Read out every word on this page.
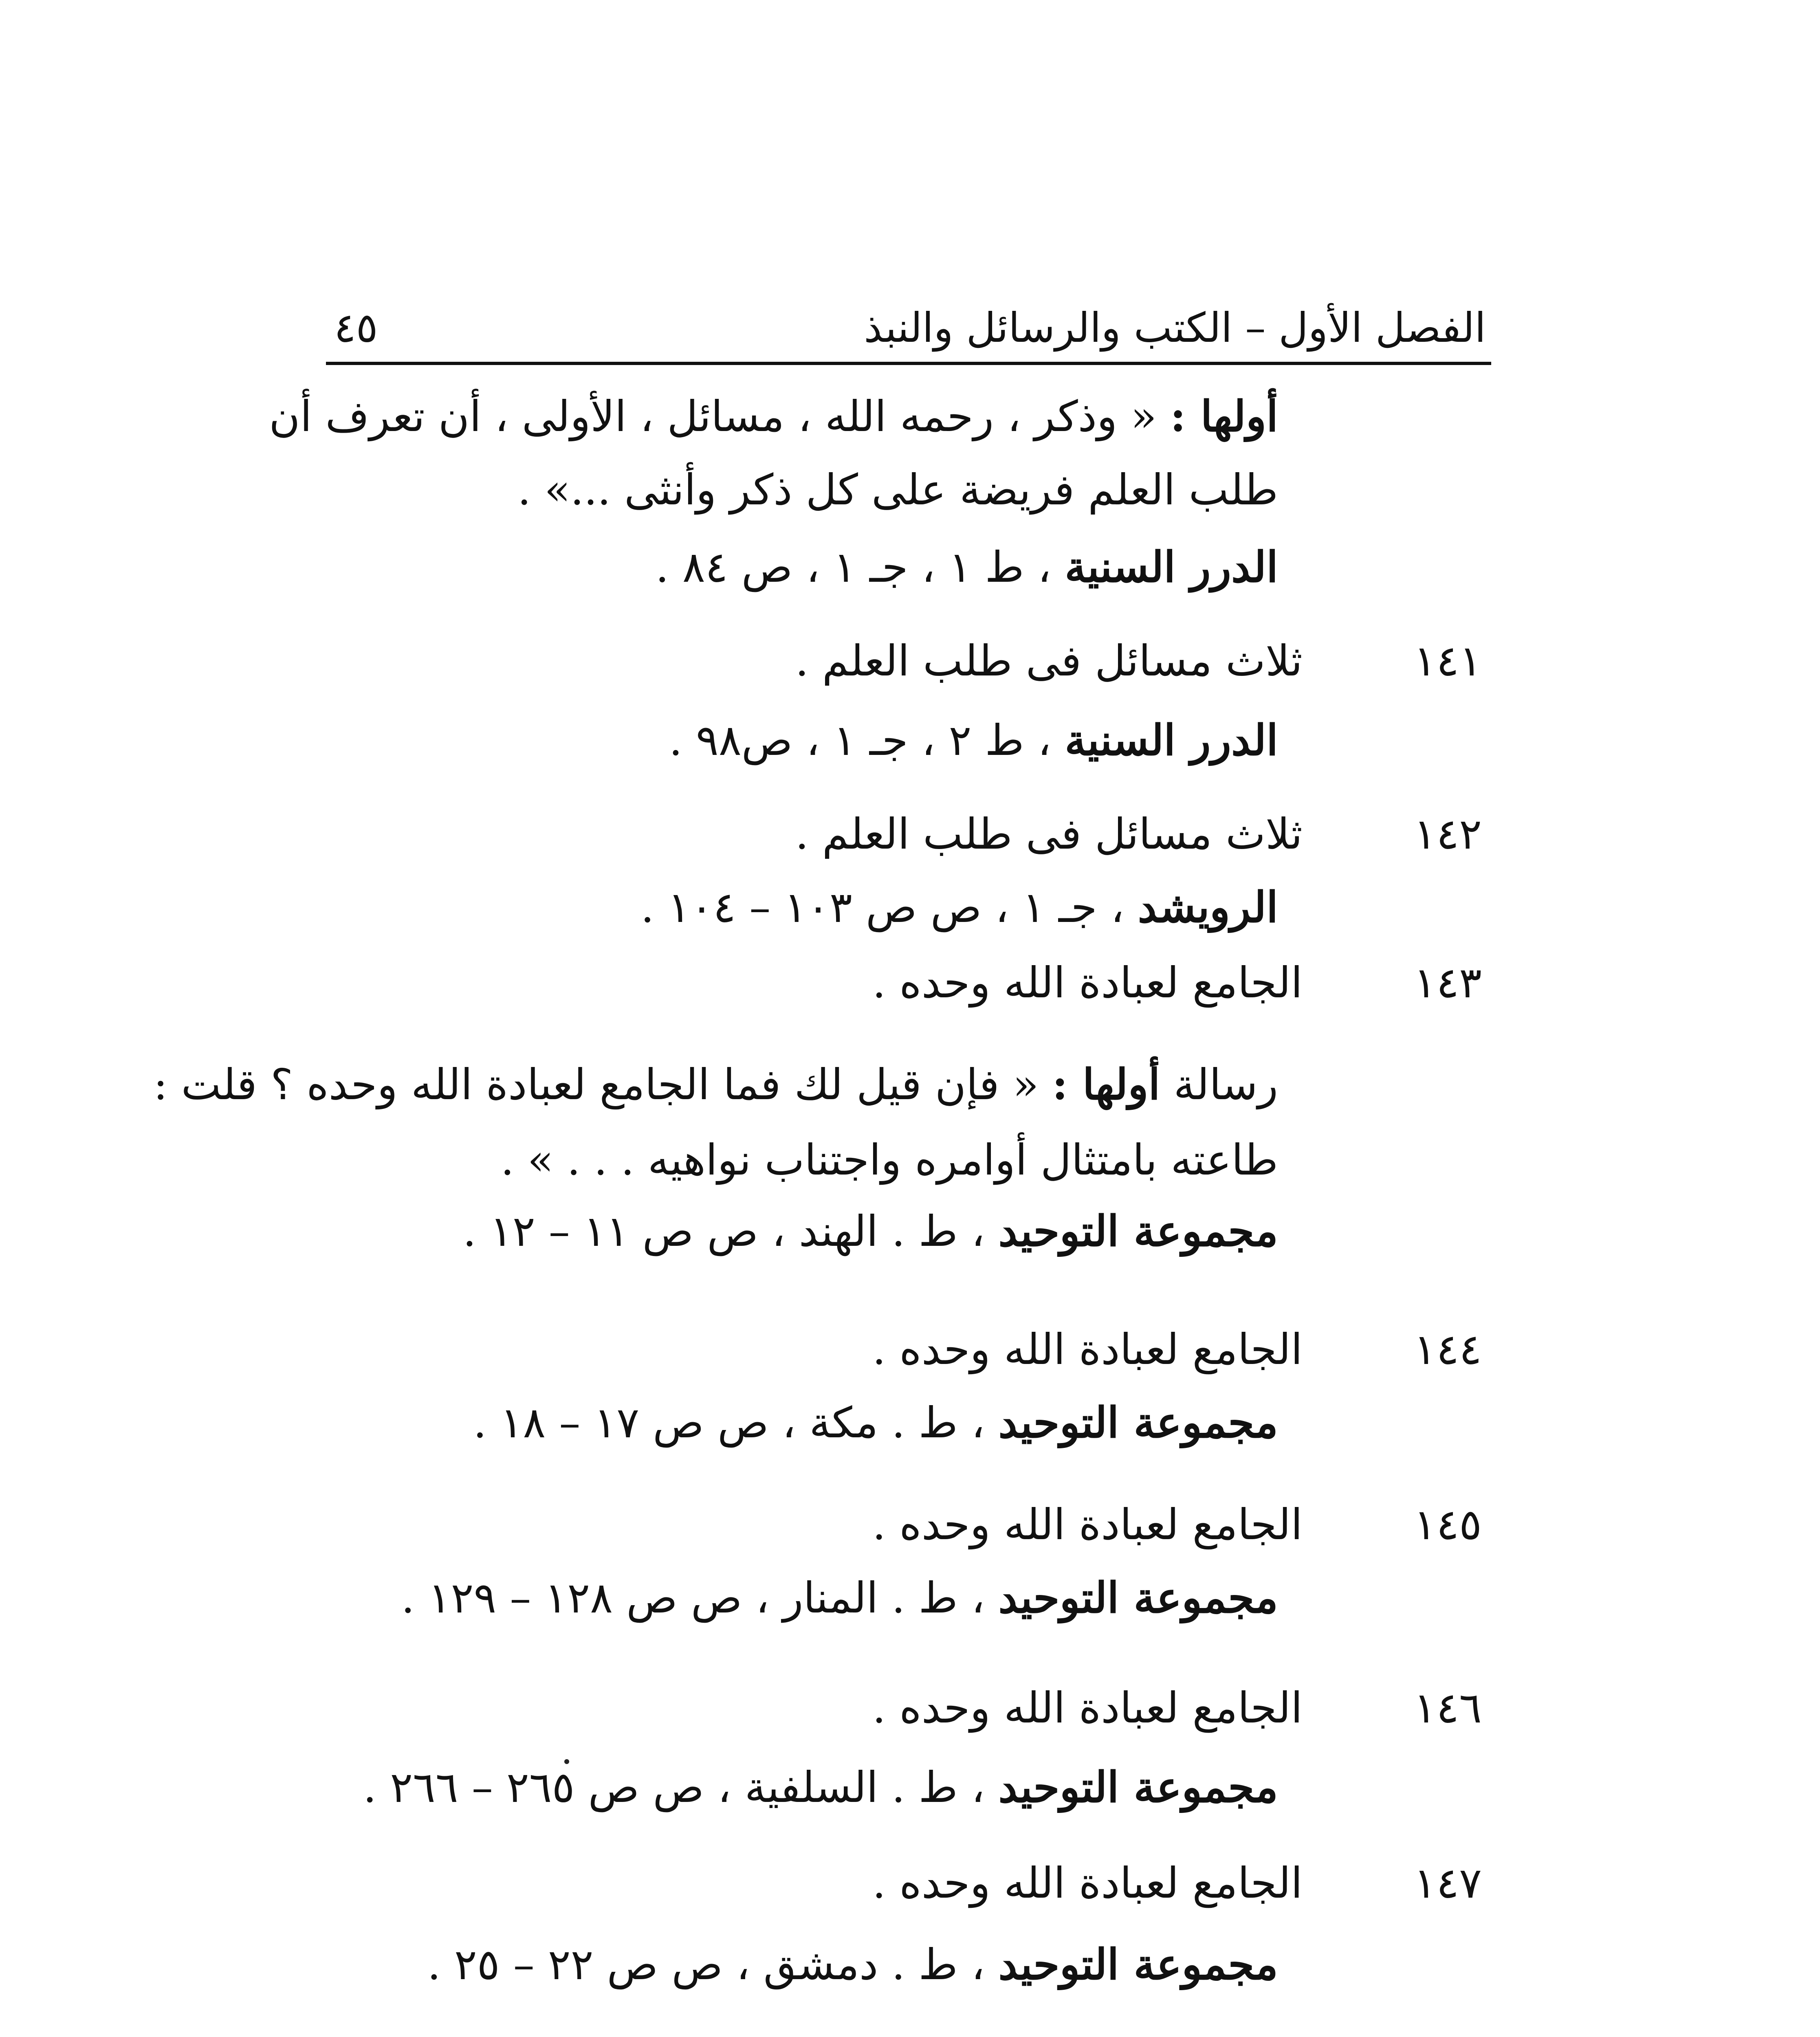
الفصل الأول – الكتب والرسائل والنبذ
٤٥
أولها : « وذكر ، رحمه الله ، مسائل ، الأولى ، أن تعرف أن
طلب العلم فريضة على كل ذكر وأنثى ...» .
الدرر السنية ، ط ١ ، جـ ١ ، ص ٨٤ .
١٤١
ثلاث مسائل فى طلب العلم .
الدرر السنية ، ط ٢ ، جـ ١ ، ص٩٨ .
١٤٢
ثلاث مسائل فى طلب العلم .
الرويشد ، جـ ١ ، ص ص ١٠٣ – ١٠٤ .
١٤٣
الجامع لعبادة الله وحده .
رسالة أولها : « فإن قيل لك فما الجامع لعبادة الله وحده ؟ قلت :
طاعته بامتثال أوامره واجتناب نواهيه . . . » .
مجموعة التوحيد ، ط . الهند ، ص ص ١١ – ١٢ .
١٤٤
الجامع لعبادة الله وحده .
مجموعة التوحيد ، ط . مكة ، ص ص ١٧ – ١٨ .
١٤٥
الجامع لعبادة الله وحده .
مجموعة التوحيد ، ط . المنار ، ص ص ١٢٨ – ١٢٩ .
١٤٦
الجامع لعبادة الله وحده .
مجموعة التوحيد ، ط . السلفية ، ص ص ٢٦٥ – ٢٦٦ .
١٤٧
الجامع لعبادة الله وحده .
مجموعة التوحيد ، ط . دمشق ، ص ص ٢٢ – ٢٥ .
